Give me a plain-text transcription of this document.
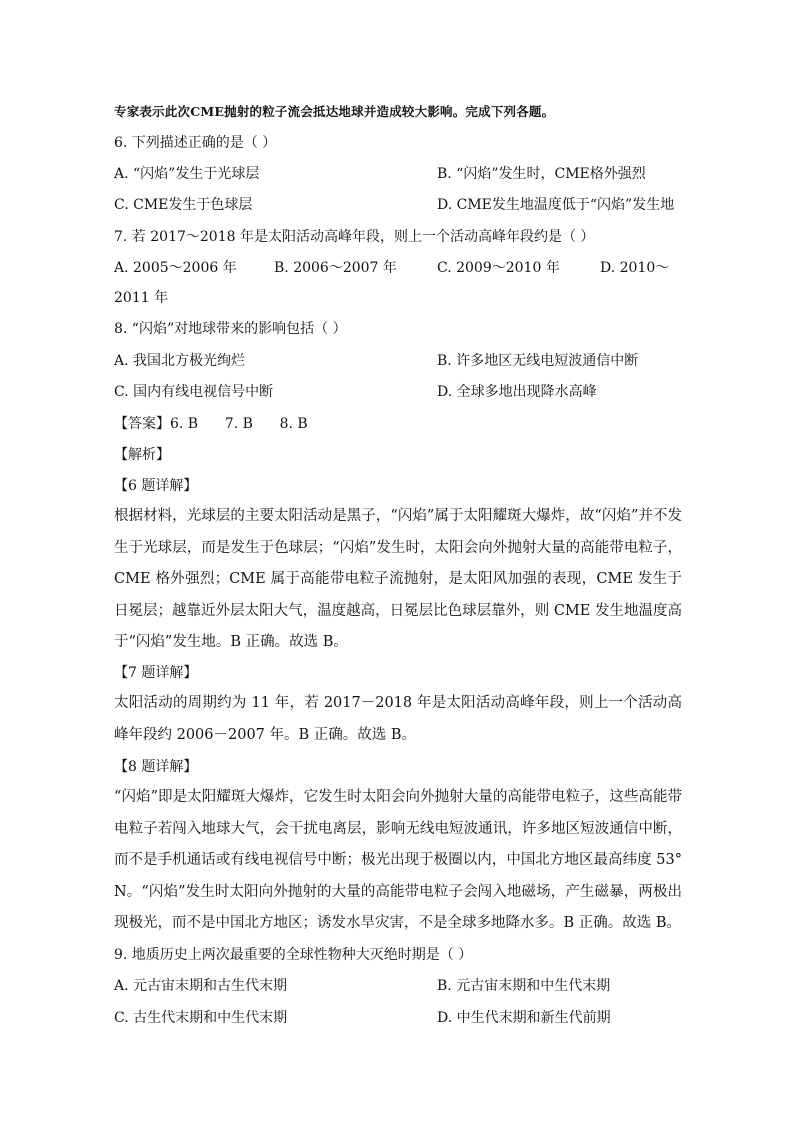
专家表示此次CME抛射的粒子流会抵达地球并造成较大影响。完成下列各题。
6. 下列描述正确的是（ ）
A. “闪焰”发生于光球层	B. “闪焰”发生时，CME格外强烈
C. CME发生于色球层	D. CME发生地温度低于“闪焰”发生地
7. 若 2017～2018 年是太阳活动高峰年段，则上一个活动高峰年段约是（ ）
A. 2005～2006 年	B. 2006～2007 年	C. 2009～2010 年	D. 2010～
2011 年
8. “闪焰”对地球带来的影响包括（ ）
A. 我国北方极光绚烂	B. 许多地区无线电短波通信中断
C. 国内有线电视信号中断	D. 全球多地出现降水高峰
【答案】6. B      7. B      8. B
【解析】
【6 题详解】
根据材料，光球层的主要太阳活动是黑子，“闪焰”属于太阳耀斑大爆炸，故“闪焰”并不发生于光球层，而是发生于色球层；“闪焰”发生时，太阳会向外抛射大量的高能带电粒子，CME 格外强烈；CME 属于高能带电粒子流抛射，是太阳风加强的表现，CME 发生于日冕层；越靠近外层太阳大气，温度越高，日冕层比色球层靠外，则 CME 发生地温度高于“闪焰”发生地。B 正确。故选 B。
【7 题详解】
太阳活动的周期约为 11 年，若 2017－2018 年是太阳活动高峰年段，则上一个活动高峰年段约 2006－2007 年。B 正确。故选 B。
【8 题详解】
“闪焰”即是太阳耀斑大爆炸，它发生时太阳会向外抛射大量的高能带电粒子，这些高能带电粒子若闯入地球大气，会干扰电离层，影响无线电短波通讯，许多地区短波通信中断，而不是手机通话或有线电视信号中断；极光出现于极圈以内，中国北方地区最高纬度 53°N。“闪焰”发生时太阳向外抛射的大量的高能带电粒子会闯入地磁场，产生磁暴，两极出现极光，而不是中国北方地区；诱发水旱灾害，不是全球多地降水多。B 正确。故选 B。
9. 地质历史上两次最重要的全球性物种大灭绝时期是（ ）
A. 元古宙末期和古生代末期	B. 元古宙末期和中生代末期
C. 古生代末期和中生代末期	D. 中生代末期和新生代前期
